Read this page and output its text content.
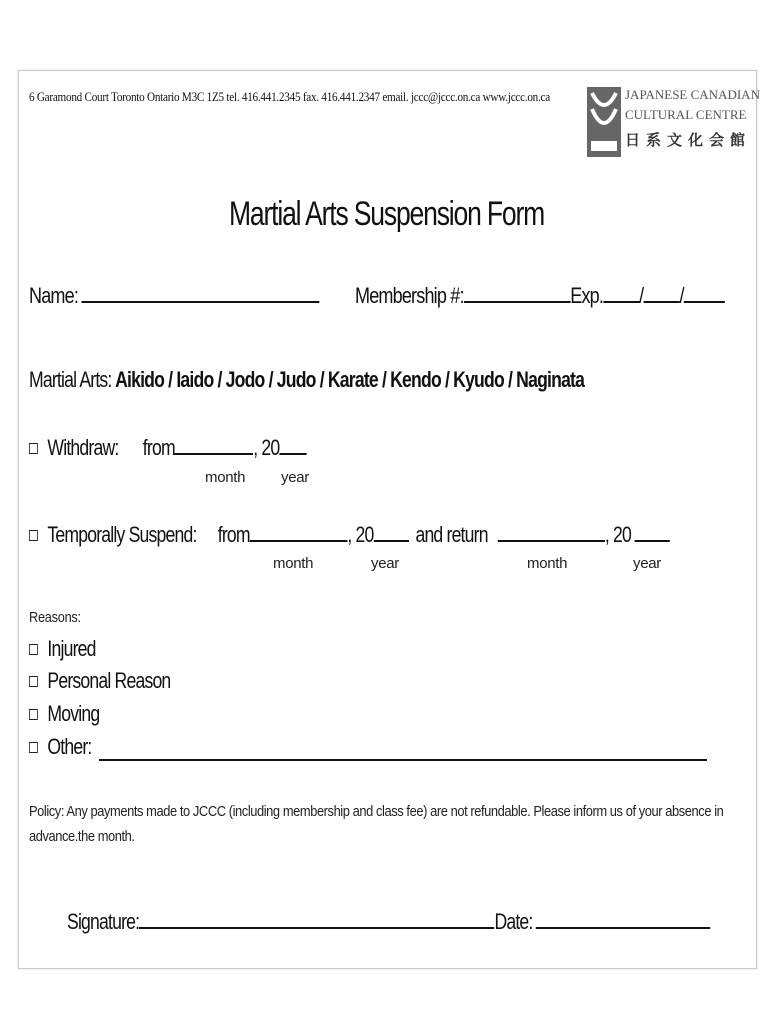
6 Garamond Court Toronto Ontario M3C 1Z5 tel. 416.441.2345 fax. 416.441.2347 email. jccc@jccc.on.ca www.jccc.on.ca	JAPANESE CANADIAN
CULTURAL CENTRE
日系文化会館
Martial Arts Suspension Form
Name:	Membership #:	Exp. / /
Martial Arts: Aikido / Iaido / Jodo / Judo / Karate / Kendo / Kyudo / Naginata
Withdraw: from	, 20
month year
Temporally Suspend: from	, 20 and return	, 20
month	year	month	year
Reasons:
Injured
Personal Reason
Moving
Other:
Policy: Any payments made to JCCC (including membership and class fee) are not refundable. Please inform us of your absence in advance.the month.
Signature:	Date:
